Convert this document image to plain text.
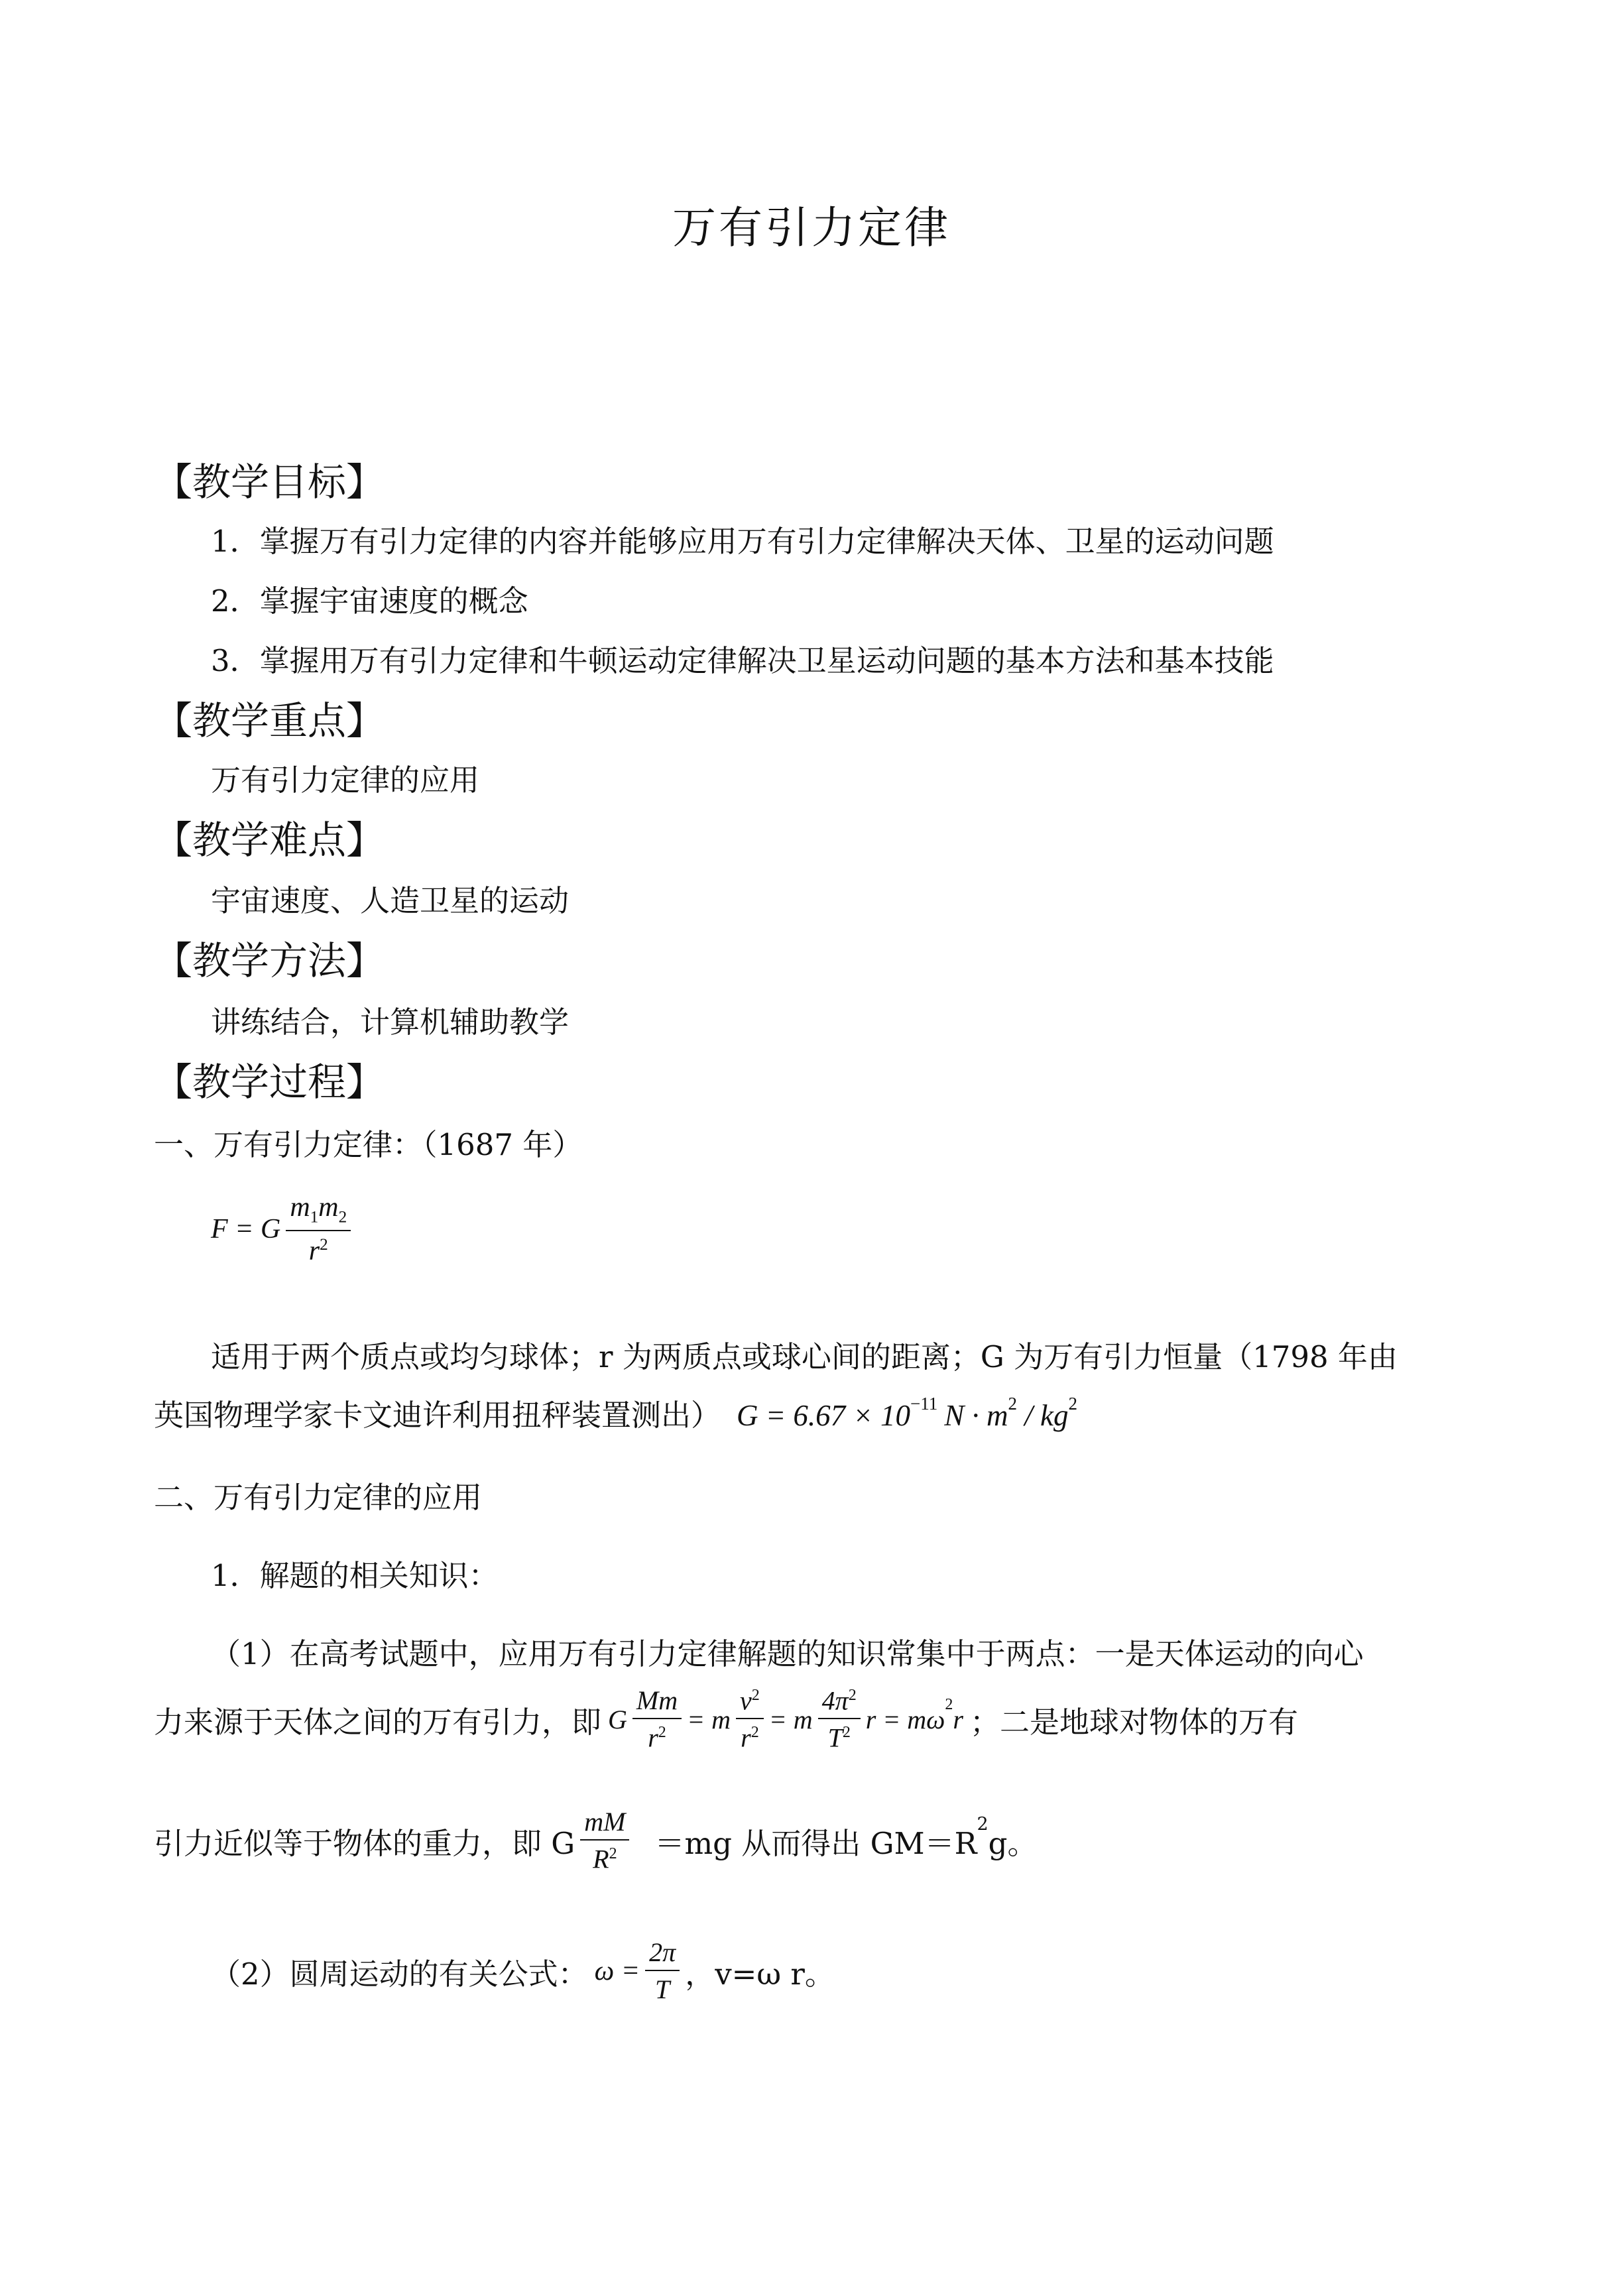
万有引力定律
【教学目标】
1．掌握万有引力定律的内容并能够应用万有引力定律解决天体、卫星的运动问题
2．掌握宇宙速度的概念
3．掌握用万有引力定律和牛顿运动定律解决卫星运动问题的基本方法和基本技能
【教学重点】
万有引力定律的应用
【教学难点】
宇宙速度、人造卫星的运动
【教学方法】
讲练结合，计算机辅助教学
【教学过程】
一、万有引力定律：（1687 年）
F = G $\frac{m_1m_2}{r^2}$
适用于两个质点或均匀球体；r 为两质点或球心间的距离；G 为万有引力恒量（1798 年由
英国物理学家卡文迪许利用扭秤装置测出） $G = 6.67 \times 10^{-11}$ $N \cdot m^2 / kg^2$
二、万有引力定律的应用
1．解题的相关知识：
（1）在高考试题中，应用万有引力定律解题的知识常集中于两点：一是天体运动的向心
力来源于天体之间的万有引力，即 G $\frac{Mm}{r^2} = m \frac{v^2}{r^2} = m \frac{4\pi^2}{T^2}$ r = mω 2 r ；二是地球对物体的万有
引力近似等于物体的重力，即 G $\frac{mM}{R^2} =mg$ 从而得出 GM＝R
2
g。
（2）圆周运动的有关公式： $\omega = \frac{2\pi}{T}$ ，v=ω r。
